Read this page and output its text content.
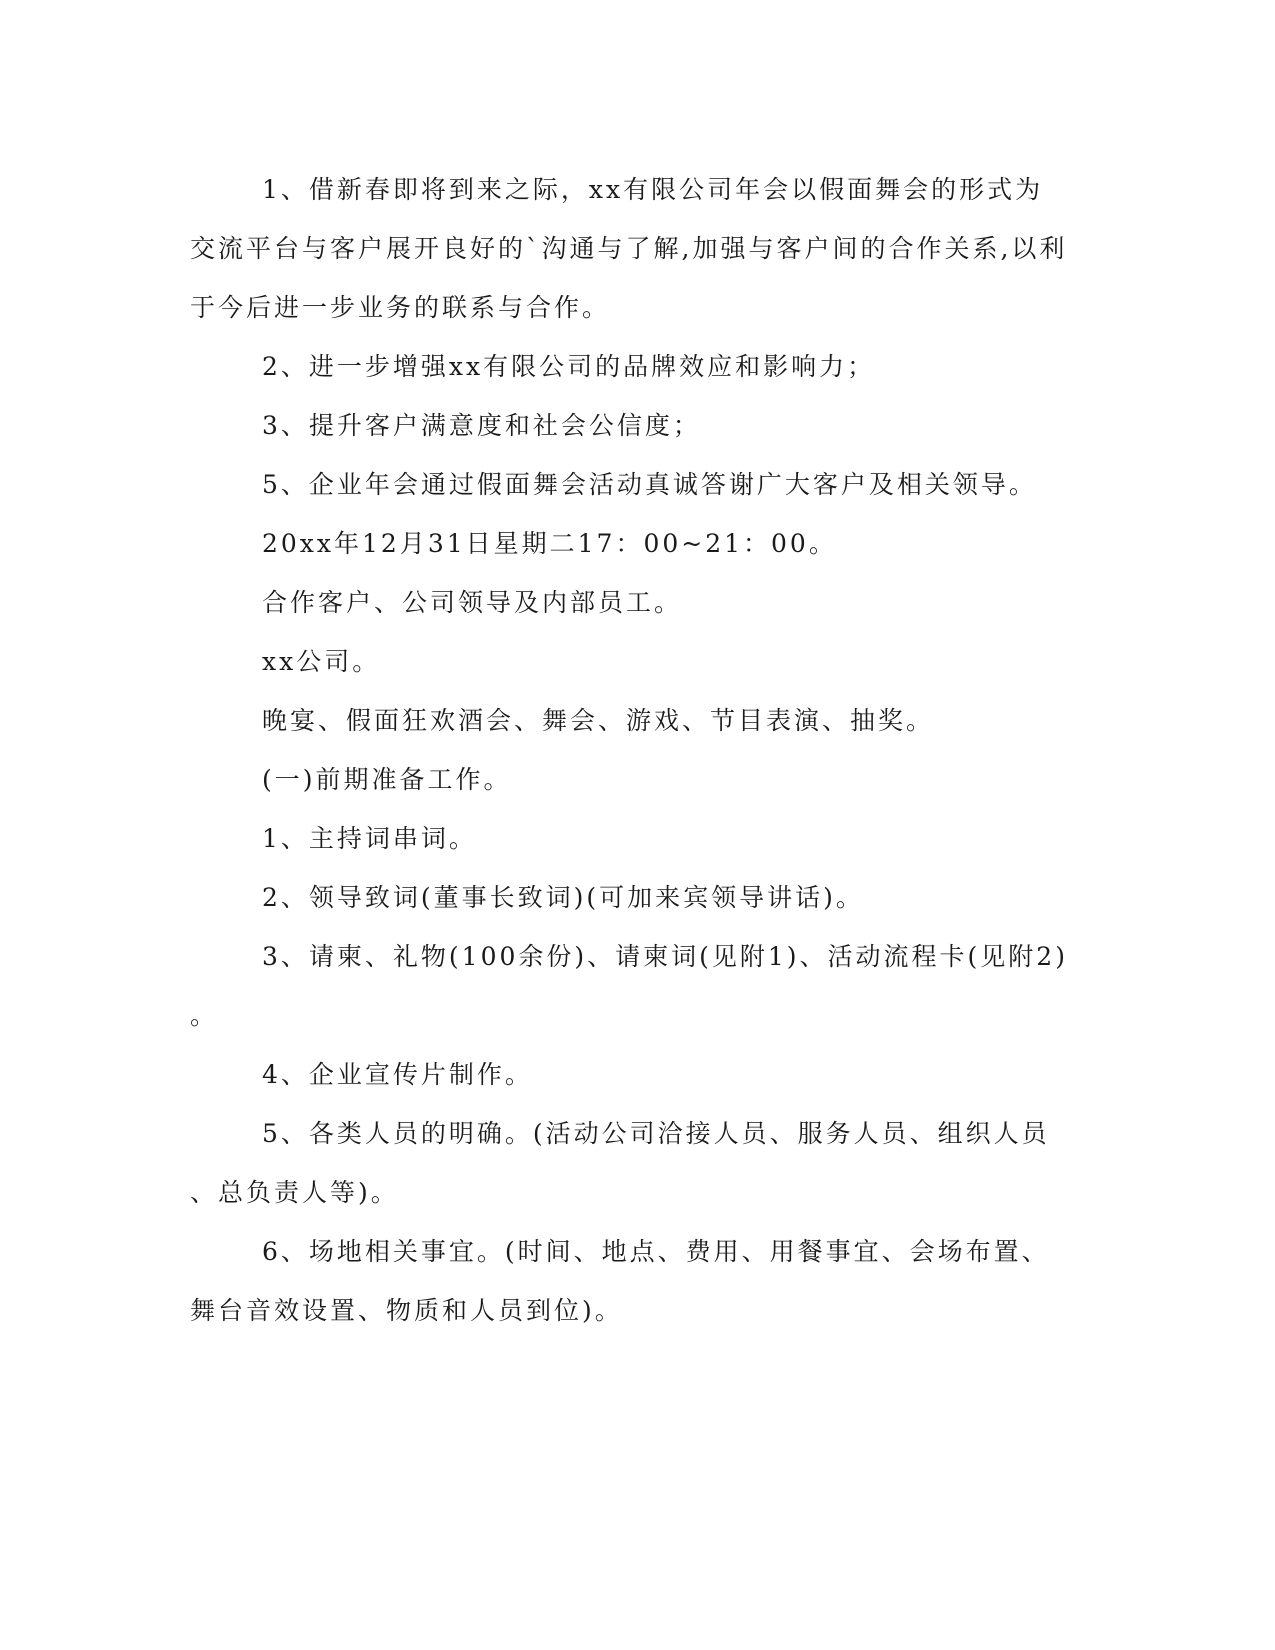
1、借新春即将到来之际，xx有限公司年会以假面舞会的形式为
交流平台与客户展开良好的`沟通与了解,加强与客户间的合作关系,以利
于今后进一步业务的联系与合作。
2、进一步增强xx有限公司的品牌效应和影响力；
3、提升客户满意度和社会公信度；
5、企业年会通过假面舞会活动真诚答谢广大客户及相关领导。
20xx年12月31日星期二17：00~21：00。
合作客户、公司领导及内部员工。
xx公司。
晚宴、假面狂欢酒会、舞会、游戏、节目表演、抽奖。
(一)前期准备工作。
1、主持词串词。
2、领导致词(董事长致词)(可加来宾领导讲话)。
3、请柬、礼物(100余份)、请柬词(见附1)、活动流程卡(见附2)
。
4、企业宣传片制作。
5、各类人员的明确。(活动公司洽接人员、服务人员、组织人员
、总负责人等)。
6、场地相关事宜。(时间、地点、费用、用餐事宜、会场布置、
舞台音效设置、物质和人员到位)。
